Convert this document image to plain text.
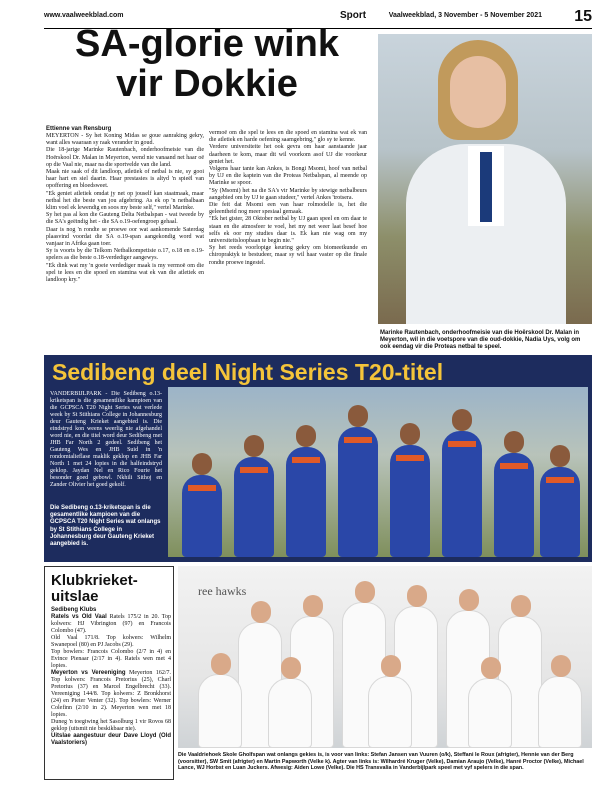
www.vaalweekblad.com	Sport	Vaalweekblad, 3 November - 5 November 2021 15
SA-glorie wink
vir Dokkie
Ettienne van Rensburg

MEYERTON - Sy het Koning Midas se goue aanraking gekry, want alles waaraan sy raak verander in goud.

Die 18-jarige Marinke Rautenbach, onderhoofmeisie van die Hoërskool Dr. Malan in Meyerton, wend nie vanaand net haar oë op die Vaal nie, maar na die sportvelde van die land.

Maak nie saak of dit landloop, atletiek of netbal is nie, sy gooi haar hart en siel daarin. Haar prestasies is altyd 'n spieël van opoffering en bloedsweet.

"Ek geniet atletiek omdat jy net op jouself kan staatmaak, maar netbal het die beste van jou afgebring. As ek op 'n netbalbaan klim voel ek lewendig en soos my beste self," vertel Marinke.

Sy het pas al kon die Gauteng Delta Netbalspan - wat tweede by die SA's geëindig het - die SA o.19-oefengroep gehaal.

Daar is nog 'n rondte se proewe oor wat aankomende Saterdag plaasvind voordat die SA o.19-span aangekondig word wat vanjaar in Afrika gaan toer.

Sy is voorts by die Telkom Netbalkompetisie o.17, o.18 en o.19-spelers as die beste o.18-verdediger aangewys.

"Ek dink wat my 'n goeie verdediger maak is my vermoë om die spel te lees en die spoed en stamina wat ek van die atletiek en landloop kry."

vermoë om die spel te lees en die spoed en stamina wat ek van die atletiek en harde oefening saamgebring," glo sy te kenne.

Verdere universiteite het ook gevra om haar aanstaande jaar daarheen te kom, maar dit wil voorkom asof UJ die voorkeur geniet het.

Volgens haar tante kan Ankes, is Bongi Msomi, hoof van netbal by UJ en die kaptein van die Proteas Netbalspan, al meende op Marinke se spoor.

"Sy (Msomi) het na die SA's vir Marinke by stewige netbalbeurs aangebied om by UJ te gaan studeer," vertel Ankes 'trotsera.

Die feit dat Msomi een van haar rolmodelle is, het die geleentheid nog meer spesiaal gemaak.

"Ek het gister, 28 Oktober netbal by UJ gaan speel en om daar te staan en die atmosfeer te voel, het my net weer laat besef hoe selfs ek oor my studies daar is. Ek kan nie wag om my universiteitsloopbaan te begin nie."

Sy het reeds voorlopige keuring gekry om biomeetkunde en chiropraktyk te bestudeer, maar sy wil haar vaster op die finale rondte proewe ingestel.

Marinke Rautenbach, onderhoofmeisie van die Hoërskool Dr. Malan in Meyerton, wil in die voetspore van die oud-dokkie, Nadia Uys, volg om ook eendag vir die Proteas netbal te speel.
Sedibeng deel Night Series T20-titel
VANDERBIJLPARK - Die Sedibeng o.13-kriketspan is die gesamentlike kampioen van die GCPSCA T20 Night Series wat verlede week by St Stithians College in Johannesburg deur Gauteng Krieket aangebied is. Die eindstryd kon weens weerlig nie afgehandel word nie, en die titel word deur Sedibeng met JHB Far North 2 gedeel. Sedibeng het Gauteng Wes en JHB Suid in 'n rondomtalieflase maklik geklop en JHB Far North 1 met 24 lopies in die halfeindstryd geklop. Jaydan Nel en Rico Fourie het besonder goed gebowl. Nkhili Sithoj en Zander Olivier het goed gekolf.
Die Sedibeng o.13-kriketspan is die gesamentlike kampioen van die GCPSCA T20 Night Series wat onlangs by St Stithians College in Johannesburg deur Gauteng Krieket aangebied is.
Klubkrieket-
uitslae
Sedibeng Klubs
Ratels vs Old Vaal Ratels 175/2 in 20. Top kolwers: HJ Vibrington (97) en Francois Colombo (47).
Old Vaal 171/8. Top kolwers: Wilhelm Swanepoel (80) en PJ Jacobs (29).
Top bowlers: Francois Colombo (2/7 in 4) en Evince Pienaar (2/17 in 4). Ratels wen met 4 lopies.
Meyerton vs Vereeniging Meyerton 162/7. Top kolwers: Francois Pretorius (25), Charl Pretorius (37) en Marcel Engelbrecht (33). Vereeniging 144/8. Top kolwers: Z Bronkhorst (24) en Pieter Venter (32). Top bowlers: Werner Colefinn (2/10 in 2). Meyerton wen met 18 lopies.
Duneg 'n toegiwing het Sasolburg 1 vir Rovos 68 geklop (uitsmit nie beskikbaar nie).
Uitslae aangestuur deur Dave Lloyd (Old Vaalstoriers)
ree hawks
Die Vaaldriehoek Skole Gholfspan wat onlangs gekies is, is voor van links: Stefan Jansen van Vuuren (o/k), Steffani le Roux (afrigter), Hennie van der Berg (voorsitter), SW Smit (afrigter) en Martin Papworth (Velke k). Agter van links is: Wilhardré Kruger (Velke), Damian Araujo (Velke), Hanré Proctor (Velke), Michael Lance, WJ Horbst en Luan Juckers. Afwesig: Aiden Lowe (Velke). Die HS Transvalia in Vanderbijlpark speel met vyf spelers in die span.
